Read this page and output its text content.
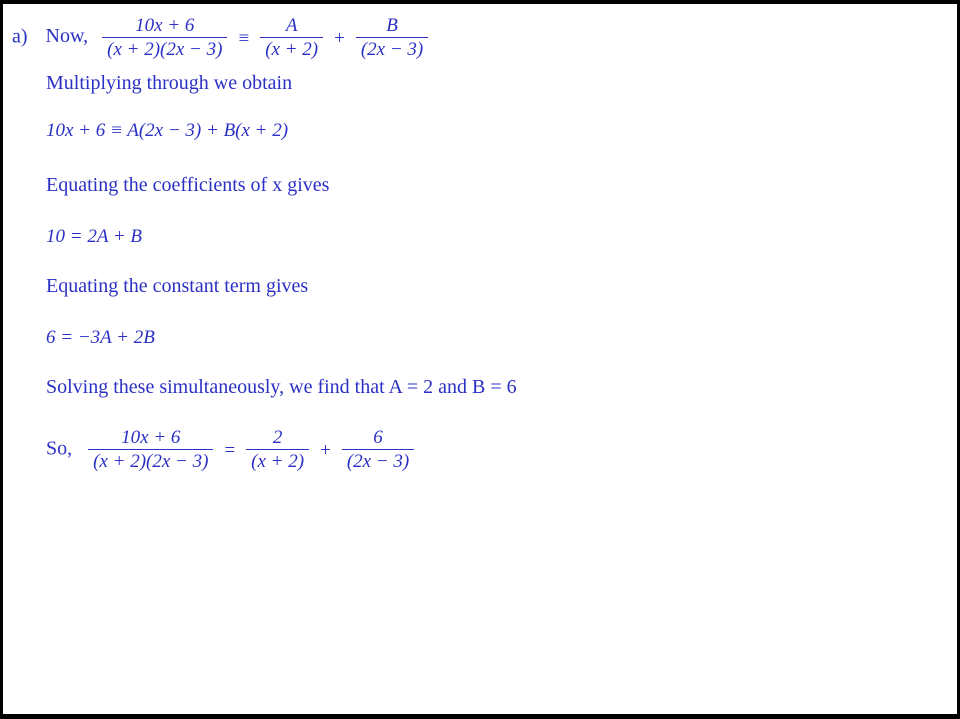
a) Now, $\frac{10x + 6}{(x + 2)(2x - 3)} \equiv \frac{A}{(x + 2)} + \frac{B}{(2x - 3)}$
Multiplying through we obtain
10x + 6 ≡ A(2x − 3) + B(x + 2)
Equating the coefficients of x gives
10 = 2A + B
Equating the constant term gives
6 = −3A + 2B
Solving these simultaneously, we find that A = 2 and B = 6
So, $\frac{10x + 6}{(x + 2)(2x - 3)} = \frac{2}{(x + 2)} + \frac{6}{(2x - 3)}$
